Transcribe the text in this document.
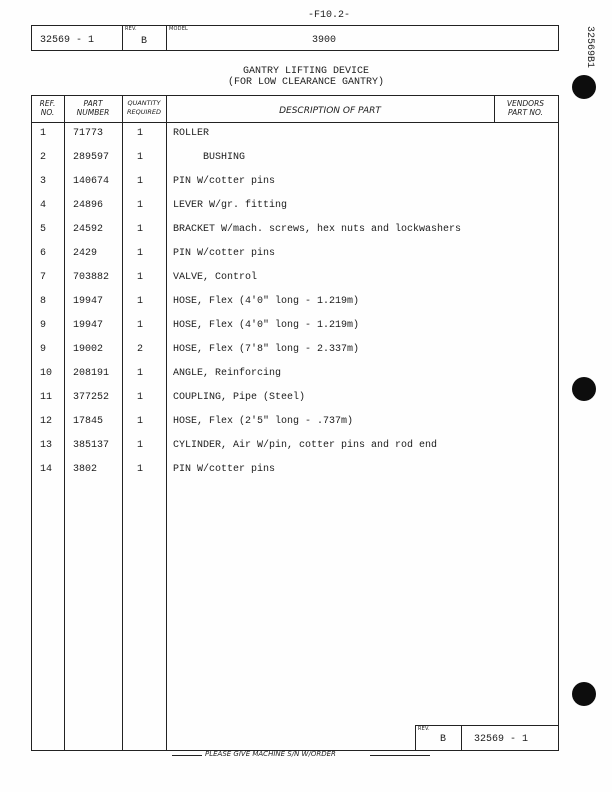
-F10.2-
32569B1
32569 - 1
REV.
B
MODEL
3900
GANTRY LIFTING DEVICE
(FOR LOW CLEARANCE GANTRY)
REF.
NO.
PART
NUMBER
QUANTITY
REQUIRED	DESCRIPTION OF PART
VENDORS
PART NO.
1	71773	1	ROLLER
2	289597	1	BUSHING
3	140674	1	PIN W/cotter pins
4	24896	1	LEVER W/gr. fitting
5	24592	1	BRACKET W/mach. screws, hex nuts and lockwashers
6	2429	1	PIN W/cotter pins
7	703882	1	VALVE, Control
8	19947	1	HOSE, Flex (4'0" long - 1.219m)
9	19947	1	HOSE, Flex (4'0" long - 1.219m)
9	19002	2	HOSE, Flex (7'8" long - 2.337m)
10 208191	1	ANGLE, Reinforcing
11 377252	1	COUPLING, Pipe (Steel)
12 17845	1	HOSE, Flex (2'5" long - .737m)
13 385137	1	CYLINDER, Air W/pin, cotter pins and rod end
14 3802	1	PIN W/cotter pins
REV.
B	32569 - 1
PLEASE GIVE MACHINE S/N W/ORDER
